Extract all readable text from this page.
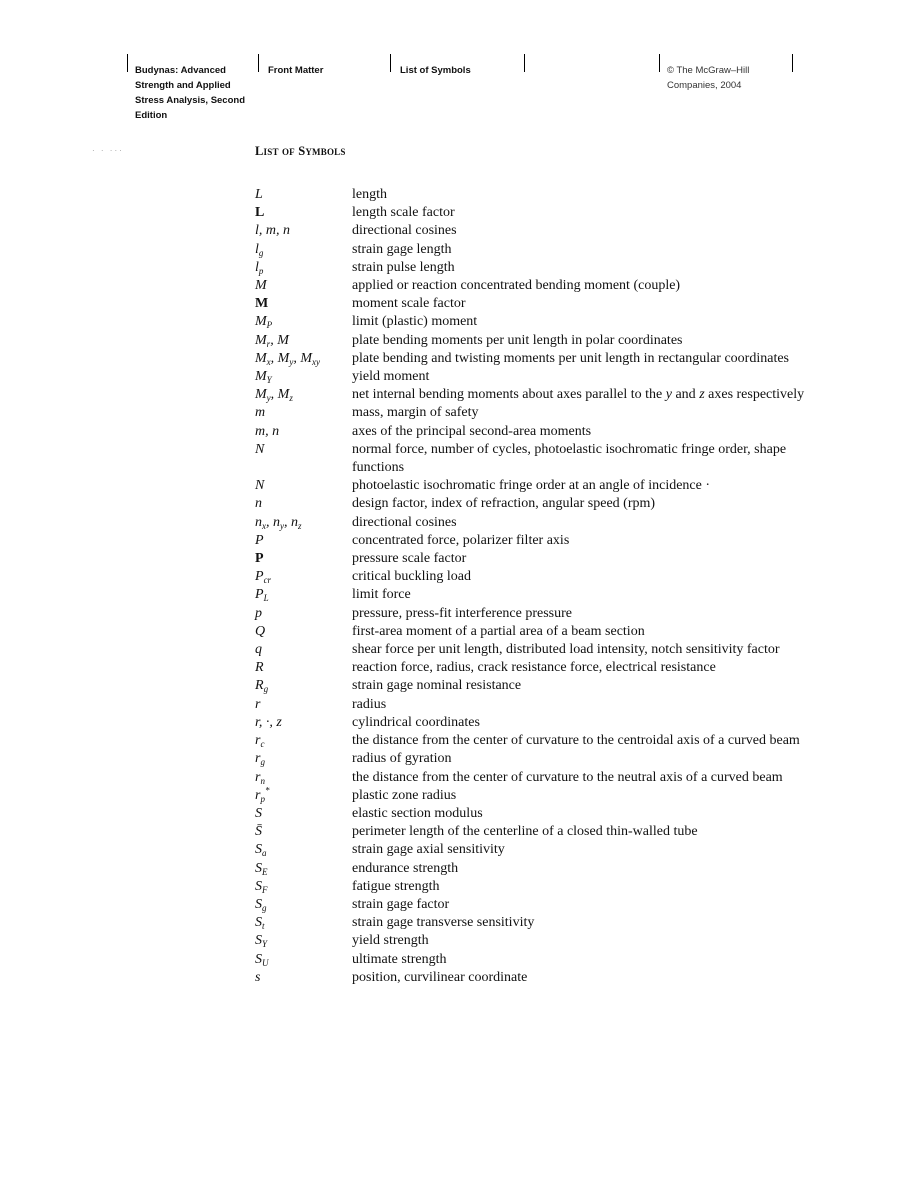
Budynas: Advanced
Strength and Applied
Stress Analysis, Second
Edition
Front Matter	List of Symbols	© The McGraw–Hill
Companies, 2004
· · ···	List of Symbols
L	length
L	length scale factor
l, m, n	directional cosines
$l_g$	strain gage length
$l_p$	strain pulse length
M	applied or reaction concentrated bending moment (couple)
M	moment scale factor
$M_P$	limit (plastic) moment
$M_r$, M	plate bending moments per unit length in polar coordinates
$M_x$, $M_y$, $M_{xy}$	plate bending and twisting moments per unit length in rectangular coordinates
$M_Y$	yield moment
$M_y$, $M_z$	net internal bending moments about axes parallel to the y and z axes respectively
m	mass, margin of safety
m, n	axes of the principal second-area moments
N	normal force, number of cycles, photoelastic isochromatic fringe order, shape functions
N	photoelastic isochromatic fringe order at an angle of incidence ·
n	design factor, index of refraction, angular speed (rpm)
$n_x$, $n_y$, $n_z$	directional cosines
P	concentrated force, polarizer filter axis
P	pressure scale factor
$P_{cr}$	critical buckling load
$P_L$	limit force
p	pressure, press-fit interference pressure
Q	first-area moment of a partial area of a beam section
q	shear force per unit length, distributed load intensity, notch sensitivity factor
R	reaction force, radius, crack resistance force, electrical resistance
$R_g$	strain gage nominal resistance
r	radius
r, ·, z	cylindrical coordinates
$r_c$	the distance from the center of curvature to the centroidal axis of a curved beam
$r_g$	radius of gyration
$r_n$	the distance from the center of curvature to the neutral axis of a curved beam
$r_p^*$	plastic zone radius
S	elastic section modulus
S̄	perimeter length of the centerline of a closed thin-walled tube
$S_a$	strain gage axial sensitivity
$S_E$	endurance strength
$S_F$	fatigue strength
$S_g$	strain gage factor
$S_t$	strain gage transverse sensitivity
$S_Y$	yield strength
$S_U$	ultimate strength
s	position, curvilinear coordinate
